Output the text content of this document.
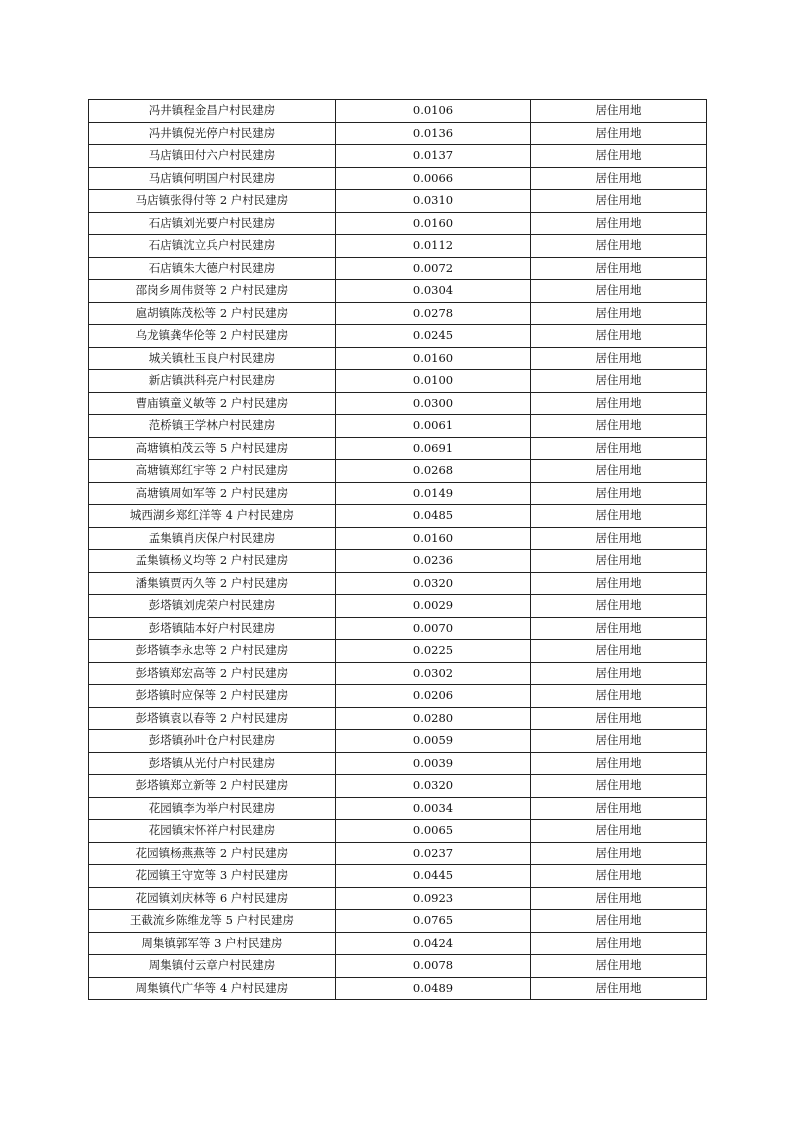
冯井镇程金昌户村民建房	0.0106	居住用地
冯井镇倪光停户村民建房	0.0136	居住用地
马店镇田付六户村民建房	0.0137	居住用地
马店镇何明国户村民建房	0.0066	居住用地
马店镇张得付等 2 户村民建房	0.0310	居住用地
石店镇刘光要户村民建房	0.0160	居住用地
石店镇沈立兵户村民建房	0.0112	居住用地
石店镇朱大德户村民建房	0.0072	居住用地
邵岗乡周伟贤等 2 户村民建房	0.0304	居住用地
扈胡镇陈茂松等 2 户村民建房	0.0278	居住用地
乌龙镇龚华伦等 2 户村民建房	0.0245	居住用地
城关镇杜玉良户村民建房	0.0160	居住用地
新店镇洪科亮户村民建房	0.0100	居住用地
曹庙镇童义敏等 2 户村民建房	0.0300	居住用地
范桥镇王学林户村民建房	0.0061	居住用地
高塘镇柏茂云等 5 户村民建房	0.0691	居住用地
高塘镇郑红宇等 2 户村民建房	0.0268	居住用地
高塘镇周如军等 2 户村民建房	0.0149	居住用地
城西湖乡郑红洋等 4 户村民建房	0.0485	居住用地
孟集镇肖庆保户村民建房	0.0160	居住用地
孟集镇杨义均等 2 户村民建房	0.0236	居住用地
潘集镇贾丙久等 2 户村民建房	0.0320	居住用地
彭塔镇刘虎荣户村民建房	0.0029	居住用地
彭塔镇陆本好户村民建房	0.0070	居住用地
彭塔镇李永忠等 2 户村民建房	0.0225	居住用地
彭塔镇郑宏高等 2 户村民建房	0.0302	居住用地
彭塔镇时应保等 2 户村民建房	0.0206	居住用地
彭塔镇袁以春等 2 户村民建房	0.0280	居住用地
彭塔镇孙叶仓户村民建房	0.0059	居住用地
彭塔镇从光付户村民建房	0.0039	居住用地
彭塔镇郑立新等 2 户村民建房	0.0320	居住用地
花园镇李为举户村民建房	0.0034	居住用地
花园镇宋怀祥户村民建房	0.0065	居住用地
花园镇杨燕燕等 2 户村民建房	0.0237	居住用地
花园镇王守宽等 3 户村民建房	0.0445	居住用地
花园镇刘庆林等 6 户村民建房	0.0923	居住用地
王截流乡陈维龙等 5 户村民建房	0.0765	居住用地
周集镇郭军等 3 户村民建房	0.0424	居住用地
周集镇付云章户村民建房	0.0078	居住用地
周集镇代广华等 4 户村民建房	0.0489	居住用地
